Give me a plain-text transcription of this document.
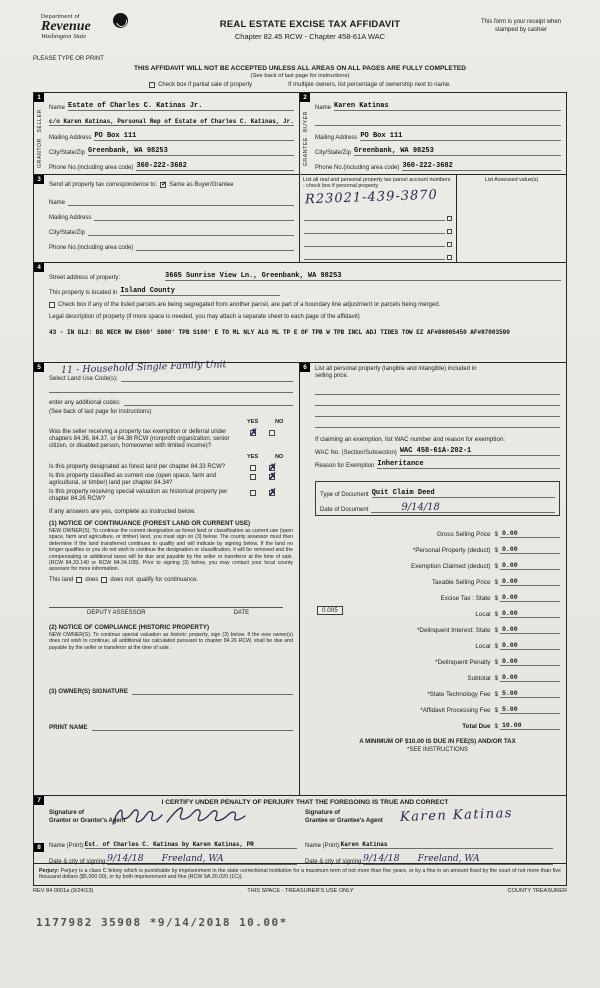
Department of
Revenue
Washington State
REAL ESTATE EXCISE TAX AFFIDAVIT
Chapter 82.45 RCW - Chapter 458-61A WAC
This form is your receipt when stamped by cashier
PLEASE TYPE OR PRINT
THIS AFFIDAVIT WILL NOT BE ACCEPTED UNLESS ALL AREAS ON ALL PAGES ARE FULLY COMPLETED
(See back of last page for instructions)
Check box if partial sale of property	If multiple owners, list percentage of ownership next to name.
1
SELLER
GRANTOR
Name Estate of Charles C. Katinas Jr.
c/o Karen Katinas, Personal Rep of Estate of Charles C. Katinas, Jr.
Mailing Address PO Box 111
City/State/Zip Greenbank, WA 98253
Phone No.(including area code) 360-222-3682
2
BUYER
GRANTEE
Name Karen Katinas
Mailing Address PO Box 111
City/State/Zip Greenbank, WA 98253
Phone No.(including area code) 360-222-3682
3
Send all property tax correspondence to: ✓ Same as Buyer/Grantee
Name
Mailing Address
City/State/Zip
Phone No.(including area code)
List all real and personal property tax parcel account numbers - check box if personal property
R23021-439-3870
List Assessed value(s)
4
Street address of property:	3665 Sunrise View Ln., Greenbank, WA 98253
This property is located in Island County
Check box if any of the listed parcels are being segregated from another parcel, are part of a boundary line adjustment or parcels being merged.
Legal description of property (if more space is needed, you may attach a separate sheet to each page of the affidavit)
43 - IN GL2: BG NECR NW E660' S800' TPB S100' E TO ML NLY ALG ML TP E OF TPB W TPB INCL ADJ TIDES TOW EZ AF#86005450 AF#87003590
5
Select Land Use Code(s):
11 - Household Single Family Unit
enter any additional codes:
(See back of last page for instructions)
YES	NO
Was the seller receiving a property tax exemption or deferral under chapters 84.36, 84.37, or 84.38 RCW (nonprofit organization, senior citizen, or disabled person, homeowner with limited income)?
✗
YES	NO
Is this property designated as forest land per chapter 84.33 RCW?	✗
Is this property classified as current use (open space, farm and agricultural, or timber) land per chapter 84.34?
✗
Is this property receiving special valuation as historical property per chapter 84.26 RCW?
✗
If any answers are yes, complete as instructed below.
(1) NOTICE OF CONTINUANCE (FOREST LAND OR CURRENT USE)
NEW OWNER(S): To continue the current designation as forest land or classification as current use (open space, farm and agriculture, or timber) land, you must sign on (3) below. The county assessor must then determine if the land transferred continues to qualify and will indicate by signing below. If the land no longer qualifies or you do not wish to continue the designation or classification, it will be removed and the compensating or additional taxes will be due and payable by the seller or transferor at the time of sale. (RCW 84.33.140 or RCW 84.34.108). Prior to signing (3) below, you may contact your local county assessor for more information.
This land does does not qualify for continuance.
DEPUTY ASSESSOR	DATE
(2) NOTICE OF COMPLIANCE (HISTORIC PROPERTY)
NEW OWNER(S): To continue special valuation as historic property, sign (3) below. If the new owner(s) does not wish to continue, all additional tax calculated pursuant to chapter 84.26 RCW, shall be due and payable by the seller or transferor at the time of sale.
(3) OWNER(S) SIGNATURE
PRINT NAME
6	List all personal property (tangible and intangible) included in selling price.
If claiming an exemption, list WAC number and reason for exemption:
WAC No. (Section/Subsection) WAC 458-61A-202-1
Reason for Exemption Inheritance
Type of Document Quit Claim Deed
Date of Document	9/14/18
Gross Selling Price $ 0.00
*Personal Property (deduct) $ 0.00
Exemption Claimed (deduct) $ 0.00
Taxable Selling Price $ 0.00
Excise Tax : State $ 0.00
0.005
Local $ 0.00
*Delinquent Interest: State $ 0.00
Local $ 0.00
*Delinquent Penalty $ 0.00
Subtotal $ 0.00
*State Technology Fee $ 5.00
*Affidavit Processing Fee $ 5.00
Total Due $ 10.00
A MINIMUM OF $10.00 IS DUE IN FEE(S) AND/OR TAX
*SEE INSTRUCTIONS
7
8
I CERTIFY UNDER PENALTY OF PERJURY THAT THE FOREGOING IS TRUE AND CORRECT
Signature of
Grantor or Grantor's Agent
Signature of
Grantee or Grantee's Agent Karen Katinas
Name (Print): Est. of Charles C. Katinas by Karen Katinas, PR	Name (Print): Karen Katinas
Date & city of signing: 9/14/18 Freeland, WA	Date & city of signing: 9/14/18 Freeland, WA
Perjury: Perjury is a class C felony which is punishable by imprisonment in the state correctional institution for a maximum term of not more than five years, or by a fine in an amount fixed by the court of not more than five thousand dollars ($5,000.00), or by both imprisonment and fine (RCW 9A.20.020 (1C)).
REV 84 0001a (9/24/13)	THIS SPACE - TREASURER'S USE ONLY	COUNTY TREASURER
1177982 35908 *9/14/2018 10.00*
